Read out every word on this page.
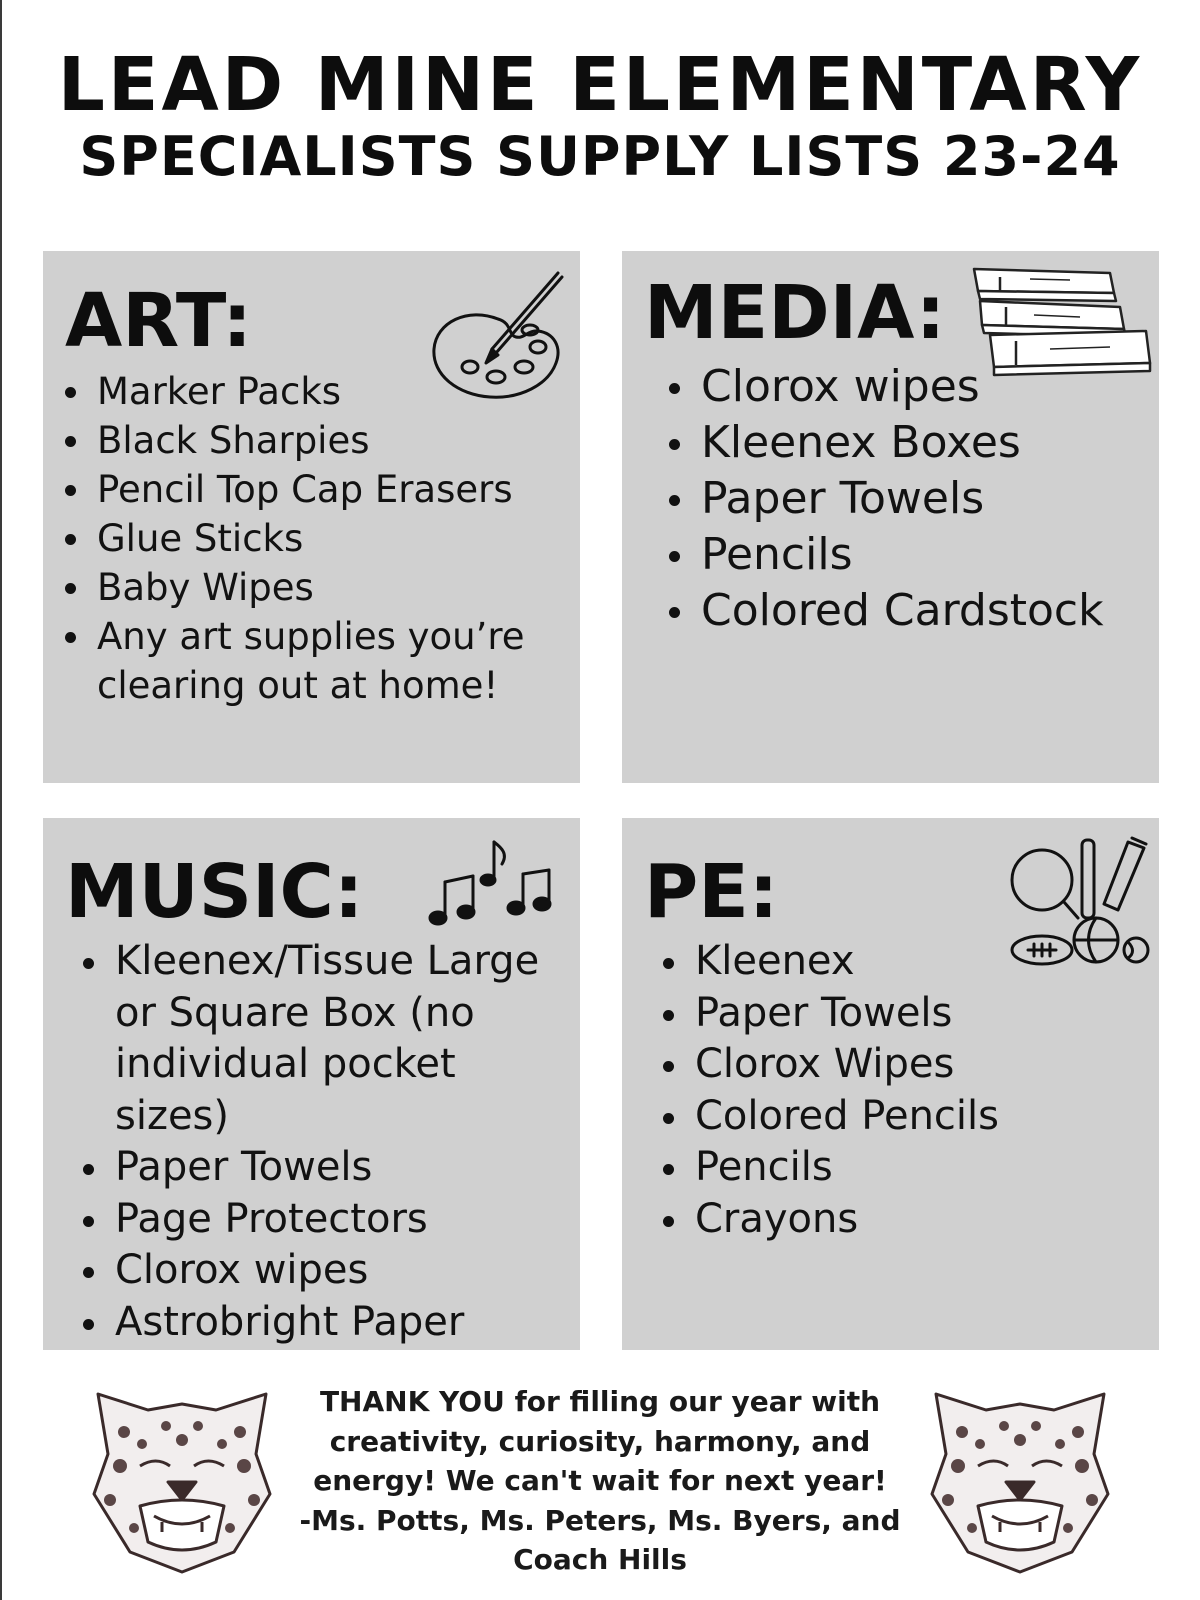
LEAD MINE ELEMENTARY
SPECIALISTS SUPPLY LISTS 23-24
ART:
Marker Packs
Black Sharpies
Pencil Top Cap Erasers
Glue Sticks
Baby Wipes
Any art supplies you’re clearing out at home!
MEDIA:
Clorox wipes
Kleenex Boxes
Paper Towels
Pencils
Colored Cardstock
MUSIC:
Kleenex/Tissue Large or Square Box (no individual pocket sizes)
Paper Towels
Page Protectors
Clorox wipes
Astrobright Paper
PE:
Kleenex
Paper Towels
Clorox Wipes
Colored Pencils
Pencils
Crayons

THANK YOU for filling our year with
creativity, curiosity, harmony, and
energy! We can't wait for next year!
-Ms. Potts, Ms. Peters, Ms. Byers, and
Coach Hills
